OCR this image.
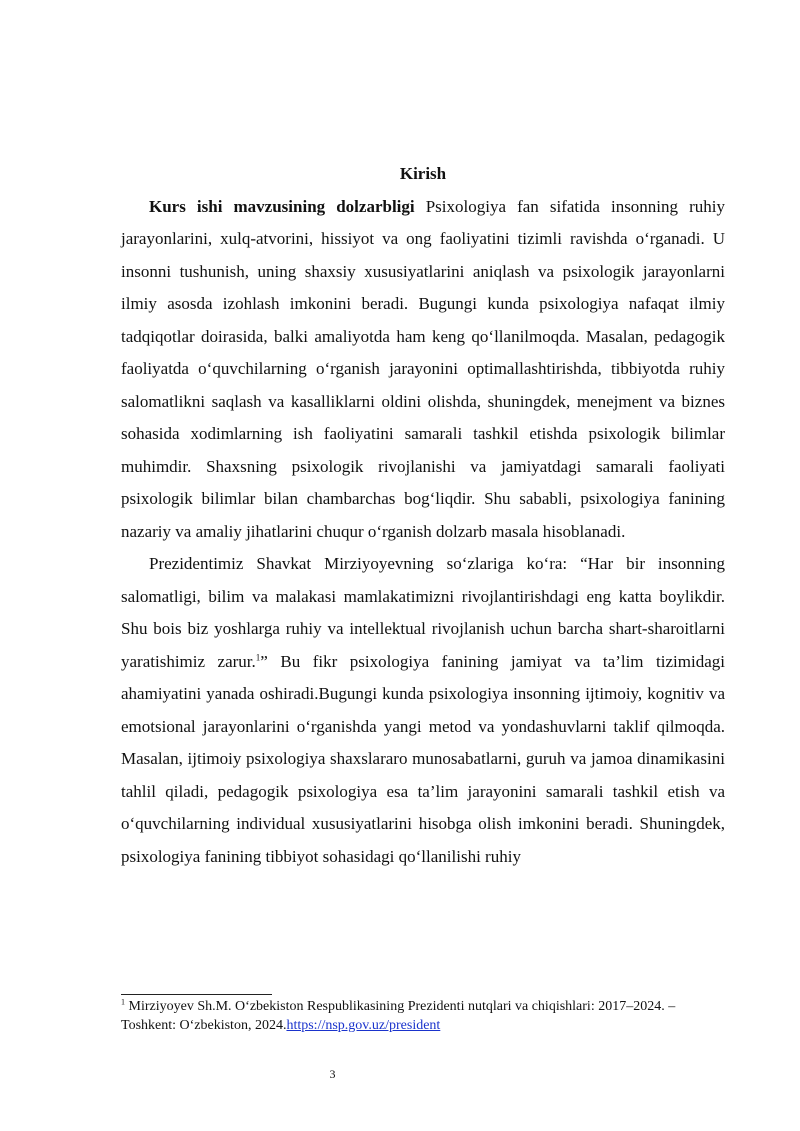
Kirish

Kurs ishi mavzusining dolzarbligi Psixologiya fan sifatida insonning ruhiy jarayonlarini, xulq-atvorini, hissiyot va ong faoliyatini tizimli ravishda o‘rganadi. U insonni tushunish, uning shaxsiy xususiyatlarini aniqlash va psixologik jarayonlarni ilmiy asosda izohlash imkonini beradi. Bugungi kunda psixologiya nafaqat ilmiy tadqiqotlar doirasida, balki amaliyotda ham keng qo‘llanilmoqda. Masalan, pedagogik faoliyatda o‘quvchilarning o‘rganish jarayonini optimallashtirishda, tibbiyotda ruhiy salomatlikni saqlash va kasalliklarni oldini olishda, shuningdek, menejment va biznes sohasida xodimlarning ish faoliyatini samarali tashkil etishda psixologik bilimlar muhimdir. Shaxsning psixologik rivojlanishi va jamiyatdagi samarali faoliyati psixologik bilimlar bilan chambarchas bog‘liqdir. Shu sababli, psixologiya fanining nazariy va amaliy jihatlarini chuqur o‘rganish dolzarb masala hisoblanadi.

Prezidentimiz Shavkat Mirziyoyevning so‘zlariga ko‘ra: “Har bir insonning salomatligi, bilim va malakasi mamlakatimizni rivojlantirishdagi eng katta boylikdir. Shu bois biz yoshlarga ruhiy va intellektual rivojlanish uchun barcha shart-sharoitlarni yaratishimiz zarur.$^1$” Bu fikr psixologiya fanining jamiyat va ta’lim tizimidagi ahamiyatini yanada oshiradi.Bugungi kunda psixologiya insonning ijtimoiy, kognitiv va emotsional jarayonlarini o‘rganishda yangi metod va yondashuvlarni taklif qilmoqda. Masalan, ijtimoiy psixologiya shaxslararo munosabatlarni, guruh va jamoa dinamikasini tahlil qiladi, pedagogik psixologiya esa ta’lim jarayonini samarali tashkil etish va o‘quvchilarning individual xususiyatlarini hisobga olish imkonini beradi. Shuningdek, psixologiya fanining tibbiyot sohasidagi qo‘llanilishi ruhiy

$^1$ Mirziyoyev Sh.M. O‘zbekiston Respublikasining Prezidenti nutqlari va chiqishlari: 2017–2024. – Toshkent: O‘zbekiston, 2024.https://nsp.gov.uz/president

3
